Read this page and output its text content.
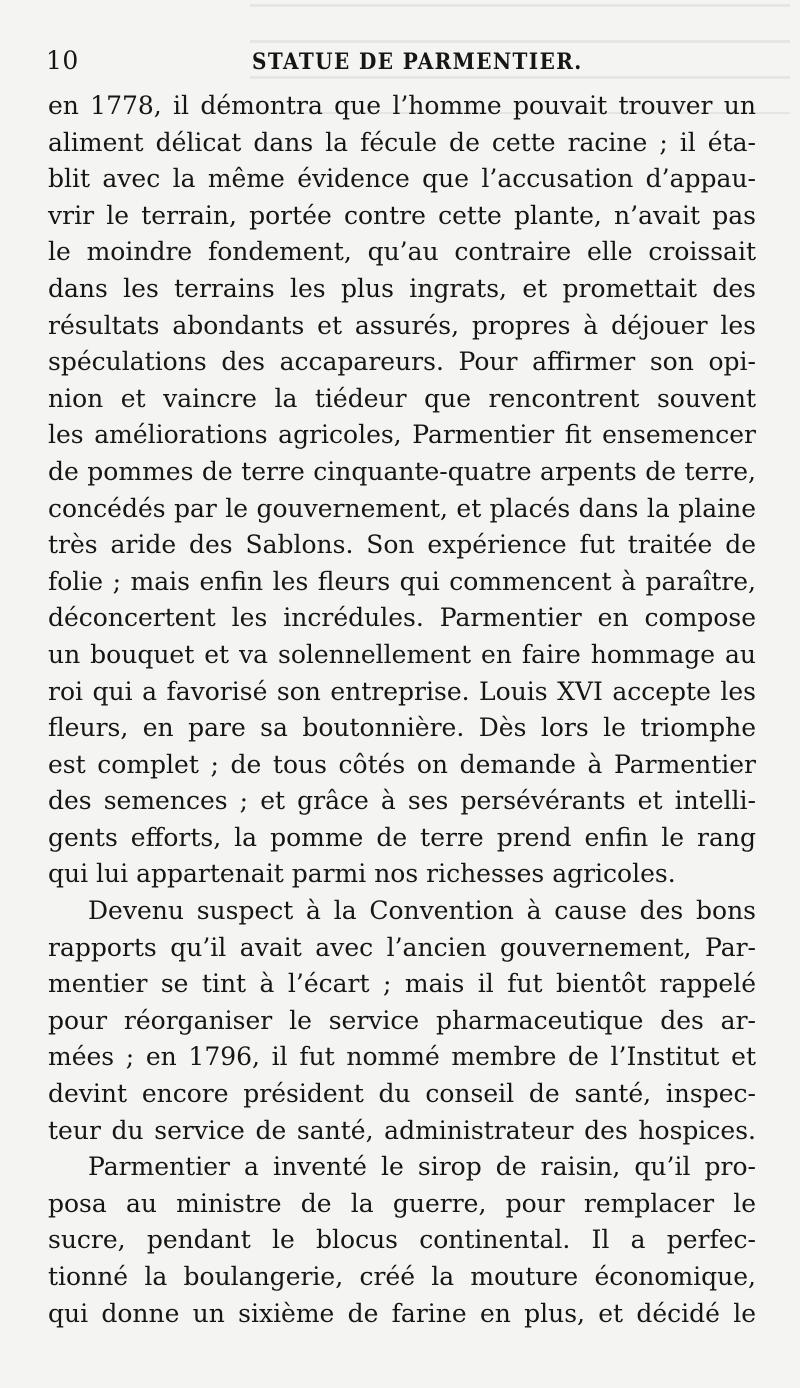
10	STATUE DE PARMENTIER.
en 1778, il démontra que l’homme pouvait trouver un
aliment délicat dans la fécule de cette racine ; il éta-
blit avec la même évidence que l’accusation d’appau-
vrir le terrain, portée contre cette plante, n’avait pas
le moindre fondement, qu’au contraire elle croissait
dans les terrains les plus ingrats, et promettait des
résultats abondants et assurés, propres à déjouer les
spéculations des accapareurs. Pour affirmer son opi-
nion et vaincre la tiédeur que rencontrent souvent
les améliorations agricoles, Parmentier fit ensemencer
de pommes de terre cinquante-quatre arpents de terre,
concédés par le gouvernement, et placés dans la plaine
très aride des Sablons. Son expérience fut traitée de
folie ; mais enfin les fleurs qui commencent à paraître,
déconcertent les incrédules. Parmentier en compose
un bouquet et va solennellement en faire hommage au
roi qui a favorisé son entreprise. Louis XVI accepte les
fleurs, en pare sa boutonnière. Dès lors le triomphe
est complet ; de tous côtés on demande à Parmentier
des semences ; et grâce à ses persévérants et intelli-
gents efforts, la pomme de terre prend enfin le rang
qui lui appartenait parmi nos richesses agricoles.
Devenu suspect à la Convention à cause des bons
rapports qu’il avait avec l’ancien gouvernement, Par-
mentier se tint à l’écart ; mais il fut bientôt rappelé
pour réorganiser le service pharmaceutique des ar-
mées ; en 1796, il fut nommé membre de l’Institut et
devint encore président du conseil de santé, inspec-
teur du service de santé, administrateur des hospices.
Parmentier a inventé le sirop de raisin, qu’il pro-
posa au ministre de la guerre, pour remplacer le
sucre, pendant le blocus continental. Il a perfec-
tionné la boulangerie, créé la mouture économique,
qui donne un sixième de farine en plus, et décidé le
